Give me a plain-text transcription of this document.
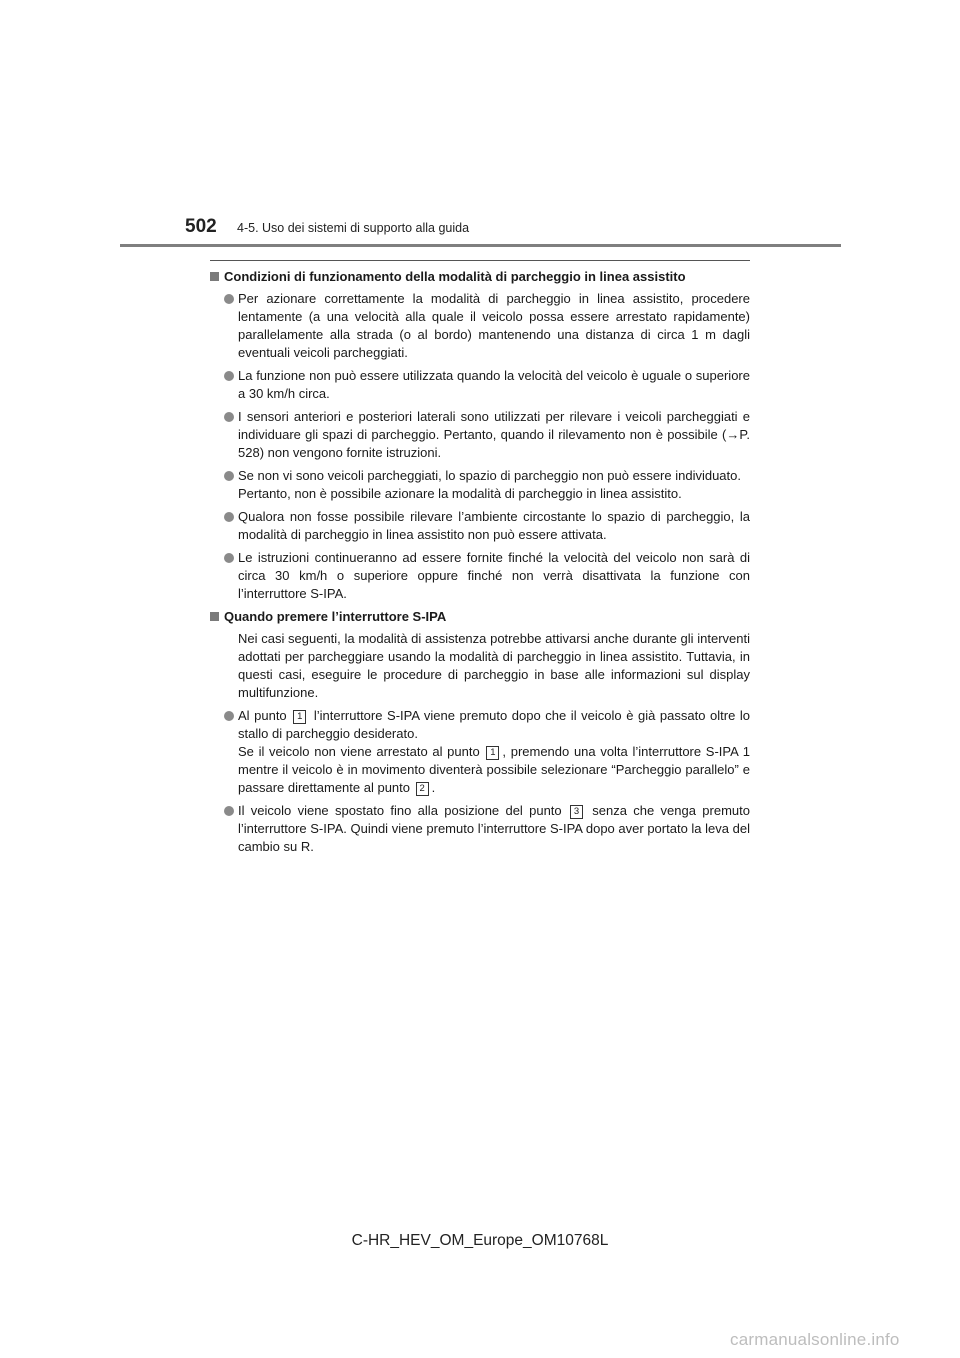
502 4-5. Uso dei sistemi di supporto alla guida
Condizioni di funzionamento della modalità di parcheggio in linea assistito
Per azionare correttamente la modalità di parcheggio in linea assistito, procedere lentamente (a una velocità alla quale il veicolo possa essere arrestato rapidamente) parallelamente alla strada (o al bordo) mantenendo una distanza di circa 1 m dagli eventuali veicoli parcheggiati.
La funzione non può essere utilizzata quando la velocità del veicolo è uguale o superiore a 30 km/h circa.
I sensori anteriori e posteriori laterali sono utilizzati per rilevare i veicoli parcheggiati e individuare gli spazi di parcheggio. Pertanto, quando il rilevamento non è possibile (→P. 528) non vengono fornite istruzioni.
Se non vi sono veicoli parcheggiati, lo spazio di parcheggio non può essere individuato.
Pertanto, non è possibile azionare la modalità di parcheggio in linea assistito.
Qualora non fosse possibile rilevare l’ambiente circostante lo spazio di parcheggio, la modalità di parcheggio in linea assistito non può essere attivata.
Le istruzioni continueranno ad essere fornite finché la velocità del veicolo non sarà di circa 30 km/h o superiore oppure finché non verrà disattivata la funzione con l’interruttore S-IPA.
Quando premere l’interruttore S-IPA
Nei casi seguenti, la modalità di assistenza potrebbe attivarsi anche durante gli interventi adottati per parcheggiare usando la modalità di parcheggio in linea assistito. Tuttavia, in questi casi, eseguire le procedure di parcheggio in base alle informazioni sul display multifunzione.
Al punto 1 l’interruttore S-IPA viene premuto dopo che il veicolo è già passato oltre lo stallo di parcheggio desiderato.
Se il veicolo non viene arrestato al punto 1 , premendo una volta l’interruttore S-IPA 1 mentre il veicolo è in movimento diventerà possibile selezionare “Parcheggio parallelo” e passare direttamente al punto 2 .
Il veicolo viene spostato fino alla posizione del punto 3 senza che venga premuto l’interruttore S-IPA. Quindi viene premuto l’interruttore S-IPA dopo aver portato la leva del cambio su R.
C-HR_HEV_OM_Europe_OM10768L
carmanualsonline.info
